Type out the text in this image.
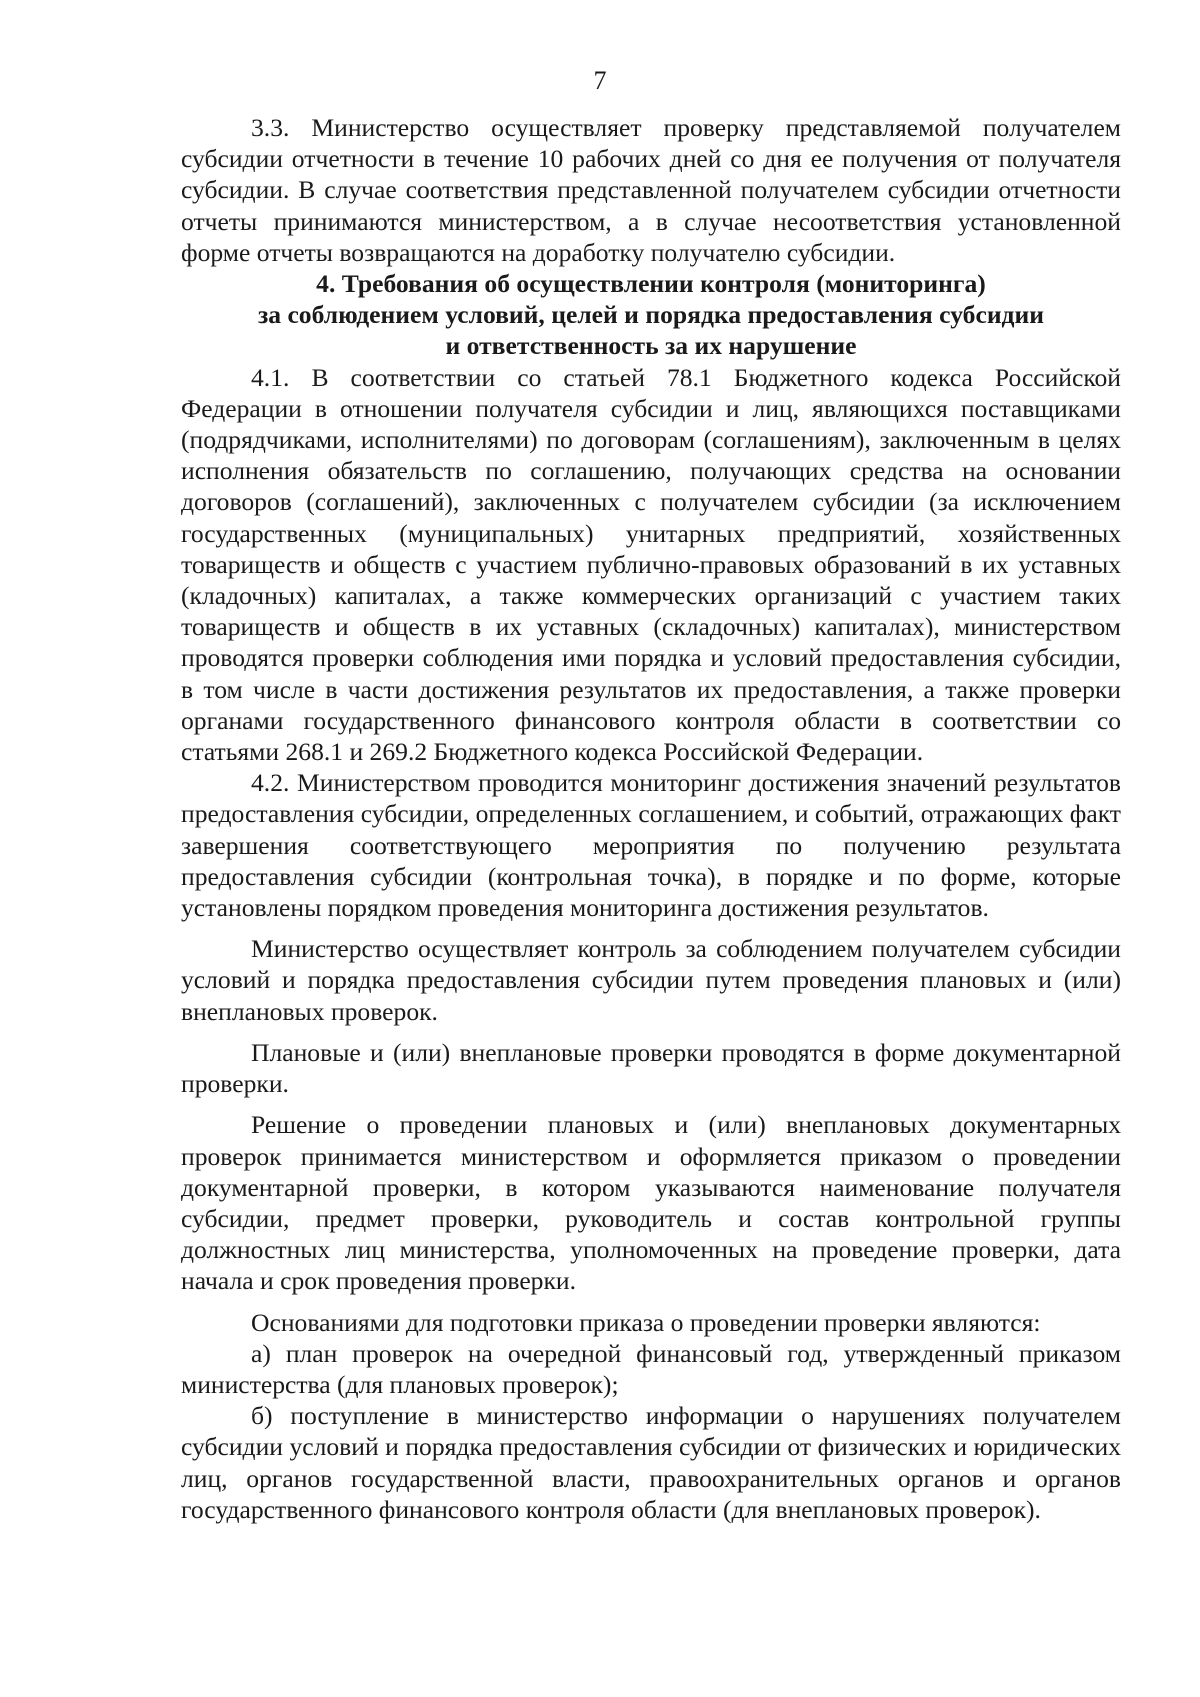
7

3.3. Министерство осуществляет проверку представляемой получателем субсидии отчетности в течение 10 рабочих дней со дня ее получения от получателя субсидии. В случае соответствия представленной получателем субсидии отчетности отчеты принимаются министерством, а в случае несоответствия установленной форме отчеты возвращаются на доработку получателю субсидии.

4. Требования об осуществлении контроля (мониторинга)
за соблюдением условий, целей и порядка предоставления субсидии
и ответственность за их нарушение

4.1. В соответствии со статьей 78.1 Бюджетного кодекса Российской Федерации в отношении получателя субсидии и лиц, являющихся поставщиками (подрядчиками, исполнителями) по договорам (соглашениям), заключенным в целях исполнения обязательств по соглашению, получающих средства на основании договоров (соглашений), заключенных с получателем субсидии (за исключением государственных (муниципальных) унитарных предприятий, хозяйственных товариществ и обществ с участием публично-правовых образований в их уставных (кладочных) капиталах, а также коммерческих организаций с участием таких товариществ и обществ в их уставных (складочных) капиталах), министерством проводятся проверки соблюдения ими порядка и условий предоставления субсидии, в том числе в части достижения результатов их предоставления, а также проверки органами государственного финансового контроля области в соответствии со статьями 268.1 и 269.2 Бюджетного кодекса Российской Федерации.

4.2. Министерством проводится мониторинг достижения значений результатов предоставления субсидии, определенных соглашением, и событий, отражающих факт завершения соответствующего мероприятия по получению результата предоставления субсидии (контрольная точка), в порядке и по форме, которые установлены порядком проведения мониторинга достижения результатов.

Министерство осуществляет контроль за соблюдением получателем субсидии условий и порядка предоставления субсидии путем проведения плановых и (или) внеплановых проверок.

Плановые и (или) внеплановые проверки проводятся в форме документарной проверки.

Решение о проведении плановых и (или) внеплановых документарных проверок принимается министерством и оформляется приказом о проведении документарной проверки, в котором указываются наименование получателя субсидии, предмет проверки, руководитель и состав контрольной группы должностных лиц министерства, уполномоченных на проведение проверки, дата начала и срок проведения проверки.

Основаниями для подготовки приказа о проведении проверки являются:

а) план проверок на очередной финансовый год, утвержденный приказом министерства (для плановых проверок);

б) поступление в министерство информации о нарушениях получателем субсидии условий и порядка предоставления субсидии от физических и юридических лиц, органов государственной власти, правоохранительных органов и органов государственного финансового контроля области (для внеплановых проверок).
